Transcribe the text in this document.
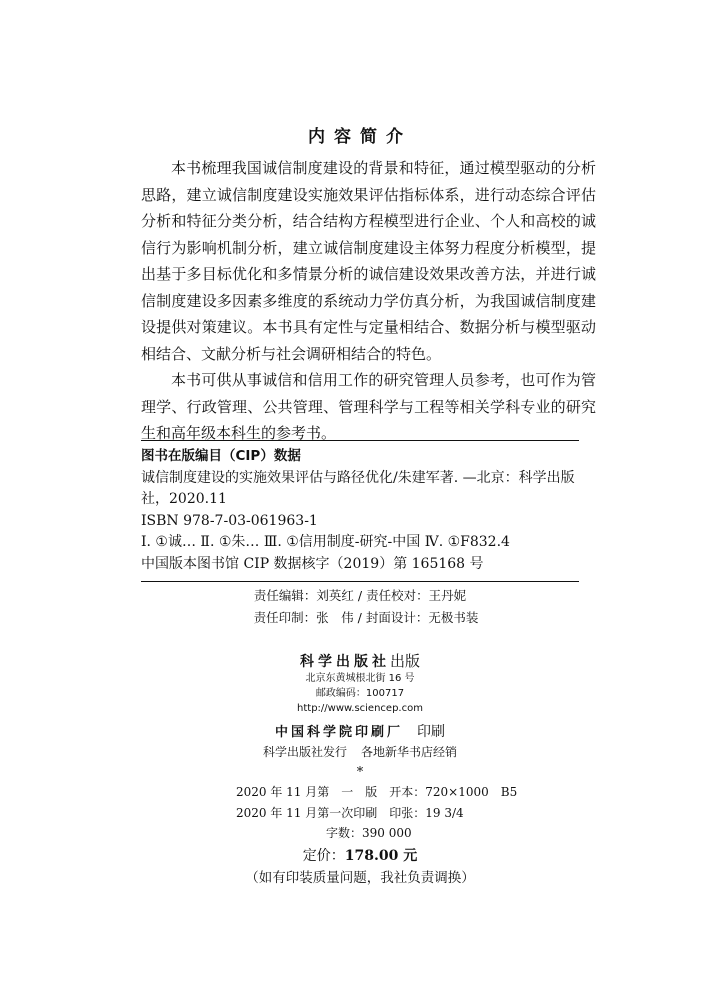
内容简介

本书梳理我国诚信制度建设的背景和特征，通过模型驱动的分析思路，建立诚信制度建设实施效果评估指标体系，进行动态综合评估分析和特征分类分析，结合结构方程模型进行企业、个人和高校的诚信行为影响机制分析，建立诚信制度建设主体努力程度分析模型，提出基于多目标优化和多情景分析的诚信建设效果改善方法，并进行诚信制度建设多因素多维度的系统动力学仿真分析，为我国诚信制度建设提供对策建议。本书具有定性与定量相结合、数据分析与模型驱动相结合、文献分析与社会调研相结合的特色。

本书可供从事诚信和信用工作的研究管理人员参考，也可作为管理学、行政管理、公共管理、管理科学与工程等相关学科专业的研究生和高年级本科生的参考书。

图书在版编目（CIP）数据
诚信制度建设的实施效果评估与路径优化/朱建军著. —北京：科学出版社，2020.11
ISBN 978-7-03-061963-1
Ⅰ. ①诚… Ⅱ. ①朱… Ⅲ. ①信用制度-研究-中国 Ⅳ. ①F832.4
中国版本图书馆 CIP 数据核字（2019）第 165168 号
责任编辑：刘英红 / 责任校对：王丹妮
责任印制：张　伟 / 封面设计：无极书装
科学出版社出版
北京东黄城根北街 16 号
邮政编码：100717
http://www.sciencep.com
中国科学院印刷厂 印刷
科学出版社发行 各地新华书店经销
*
2020 年 11 月第　一　版　开本：720×1000　B5
2020 年 11 月第一次印刷　印张：19 3/4
字数：390 000
定价：178.00 元
（如有印装质量问题，我社负责调换）
